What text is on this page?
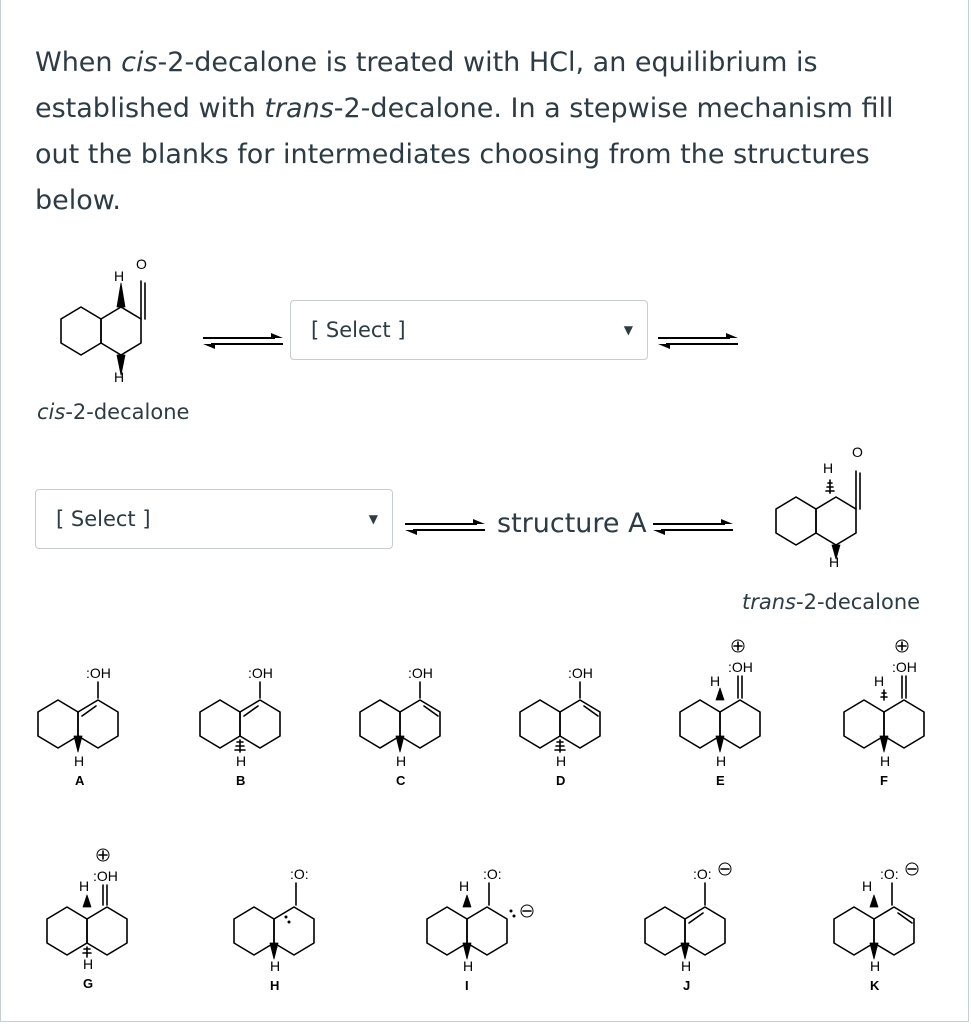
When cis-2-decalone is treated with HCl, an equilibrium is established with trans-2-decalone. In a stepwise mechanism fill out the blanks for intermediates choosing from the structures below.

H
O
H
cis-2-decalone
[ Select ]	▼
[ Select ]	▼	structure A
H
O
H
trans-2-decalone
:OH
H
A
:OH
H
B
:OH
H
C
:OH
H
D
:OH
H
H
E
:OH
H
H
F
:OH
H
H
G
:O:
H
H
:O:
H
H
I
:O:
H
J
:O:
H
H
K
